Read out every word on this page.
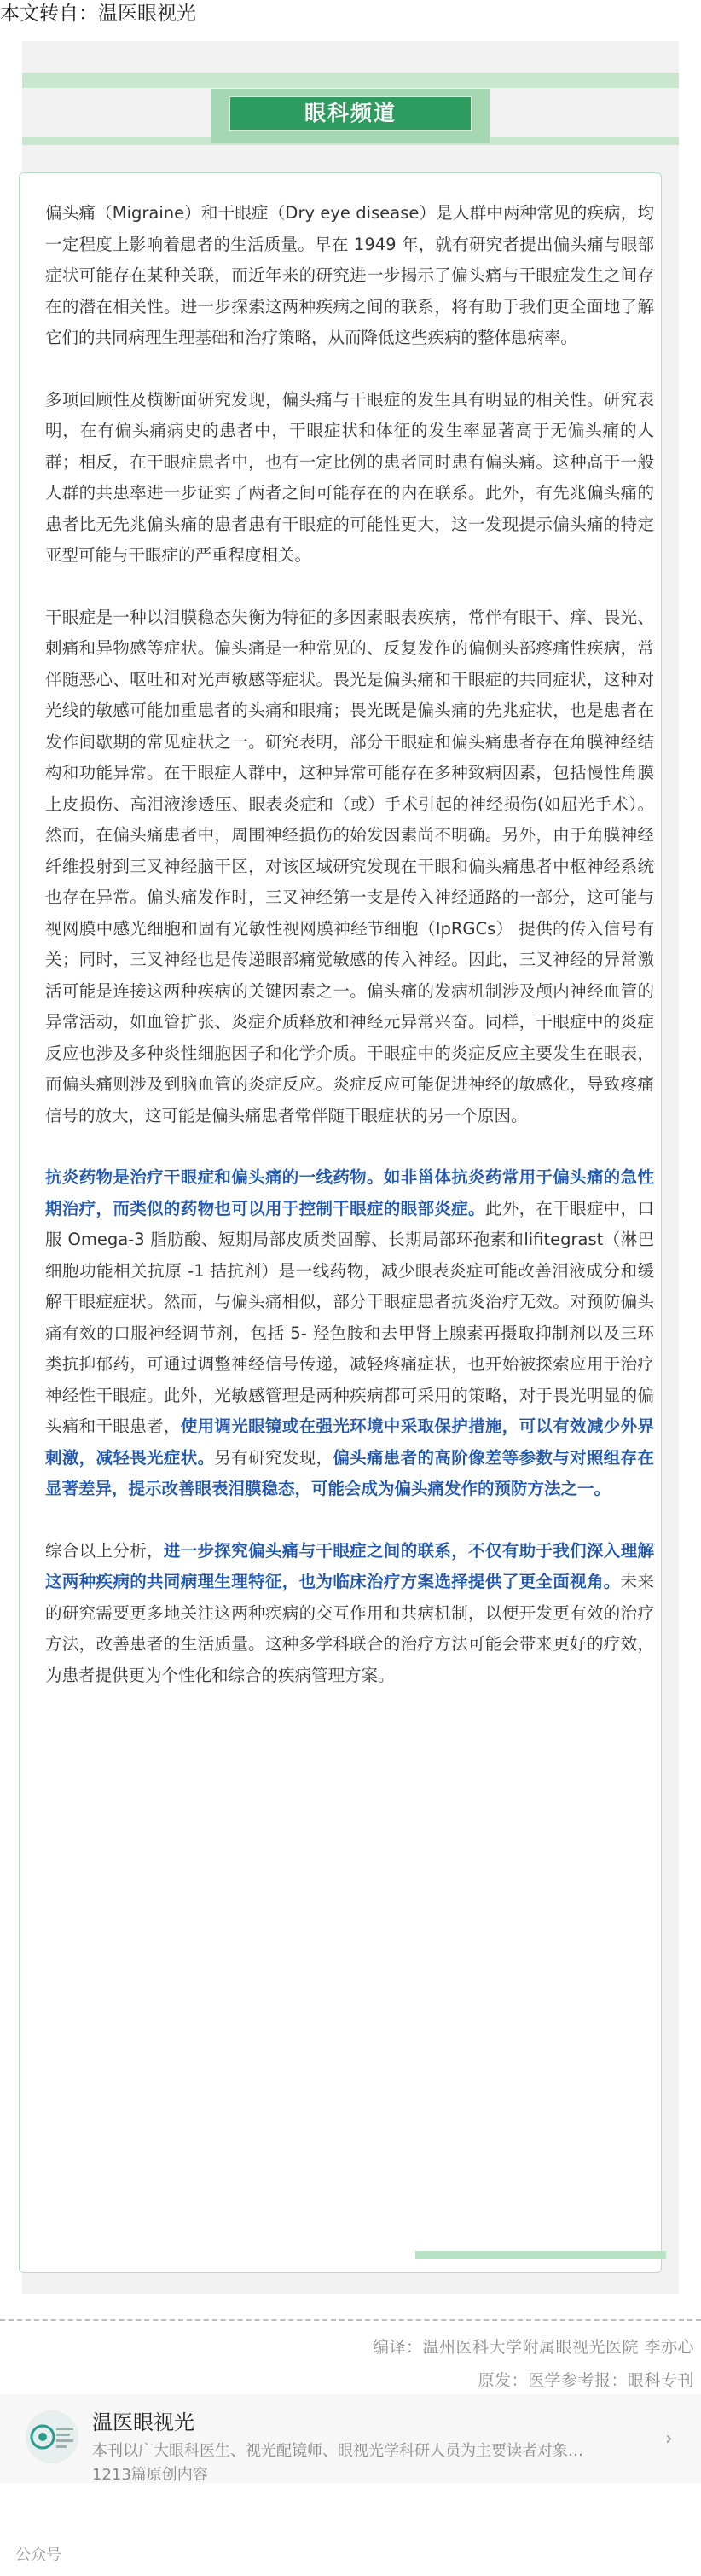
本文转自：温医眼视光
眼科频道

偏头痛（Migraine）和干眼症（Dry eye disease）是人群中两种常见的疾病，均一定程度上影响着患者的生活质量。早在 1949 年，就有研究者提出偏头痛与眼部症状可能存在某种关联，而近年来的研究进一步揭示了偏头痛与干眼症发生之间存在的潜在相关性。进一步探索这两种疾病之间的联系，将有助于我们更全面地了解它们的共同病理生理基础和治疗策略，从而降低这些疾病的整体患病率。

多项回顾性及横断面研究发现，偏头痛与干眼症的发生具有明显的相关性。研究表明，在有偏头痛病史的患者中，干眼症状和体征的发生率显著高于无偏头痛的人群；相反，在干眼症患者中，也有一定比例的患者同时患有偏头痛。这种高于一般人群的共患率进一步证实了两者之间可能存在的内在联系。此外，有先兆偏头痛的患者比无先兆偏头痛的患者患有干眼症的可能性更大，这一发现提示偏头痛的特定亚型可能与干眼症的严重程度相关。

干眼症是一种以泪膜稳态失衡为特征的多因素眼表疾病，常伴有眼干、痒、畏光、刺痛和异物感等症状。偏头痛是一种常见的、反复发作的偏侧头部疼痛性疾病，常伴随恶心、呕吐和对光声敏感等症状。畏光是偏头痛和干眼症的共同症状，这种对光线的敏感可能加重患者的头痛和眼痛；畏光既是偏头痛的先兆症状，也是患者在发作间歇期的常见症状之一。研究表明，部分干眼症和偏头痛患者存在角膜神经结构和功能异常。在干眼症人群中，这种异常可能存在多种致病因素，包括慢性角膜上皮损伤、高泪液渗透压、眼表炎症和（或）手术引起的神经损伤(如屈光手术）。然而，在偏头痛患者中，周围神经损伤的始发因素尚不明确。另外，由于角膜神经纤维投射到三叉神经脑干区，对该区域研究发现在干眼和偏头痛患者中枢神经系统也存在异常。偏头痛发作时，三叉神经第一支是传入神经通路的一部分，这可能与视网膜中感光细胞和固有光敏性视网膜神经节细胞（IpRGCs） 提供的传入信号有关；同时，三叉神经也是传递眼部痛觉敏感的传入神经。因此，三叉神经的异常激活可能是连接这两种疾病的关键因素之一。偏头痛的发病机制涉及颅内神经血管的异常活动，如血管扩张、炎症介质释放和神经元异常兴奋。同样，干眼症中的炎症反应也涉及多种炎性细胞因子和化学介质。干眼症中的炎症反应主要发生在眼表，而偏头痛则涉及到脑血管的炎症反应。炎症反应可能促进神经的敏感化，导致疼痛信号的放大，这可能是偏头痛患者常伴随干眼症状的另一个原因。

抗炎药物是治疗干眼症和偏头痛的一线药物。如非甾体抗炎药常用于偏头痛的急性期治疗，而类似的药物也可以用于控制干眼症的眼部炎症。此外，在干眼症中，口服 Omega-3 脂肪酸、短期局部皮质类固醇、长期局部环孢素和lifitegrast（淋巴细胞功能相关抗原 -1 拮抗剂）是一线药物，减少眼表炎症可能改善泪液成分和缓解干眼症症状。然而，与偏头痛相似，部分干眼症患者抗炎治疗无效。对预防偏头痛有效的口服神经调节剂，包括 5- 羟色胺和去甲肾上腺素再摄取抑制剂以及三环类抗抑郁药，可通过调整神经信号传递，减轻疼痛症状，也开始被探索应用于治疗神经性干眼症。此外，光敏感管理是两种疾病都可采用的策略，对于畏光明显的偏头痛和干眼患者，使用调光眼镜或在强光环境中采取保护措施，可以有效减少外界刺激，减轻畏光症状。另有研究发现，偏头痛患者的高阶像差等参数与对照组存在显著差异，提示改善眼表泪膜稳态，可能会成为偏头痛发作的预防方法之一。

综合以上分析，进一步探究偏头痛与干眼症之间的联系，不仅有助于我们深入理解这两种疾病的共同病理生理特征，也为临床治疗方案选择提供了更全面视角。未来的研究需要更多地关注这两种疾病的交互作用和共病机制，以便开发更有效的治疗方法，改善患者的生活质量。这种多学科联合的治疗方法可能会带来更好的疗效，为患者提供更为个性化和综合的疾病管理方案。

编译：温州医科大学附属眼视光医院 李亦心
原发：医学参考报：眼科专刊
温医眼视光
本刊以广大眼科医生、视光配镜师、眼视光学科研人员为主要读者对象…
1213篇原创内容
›
公众号
